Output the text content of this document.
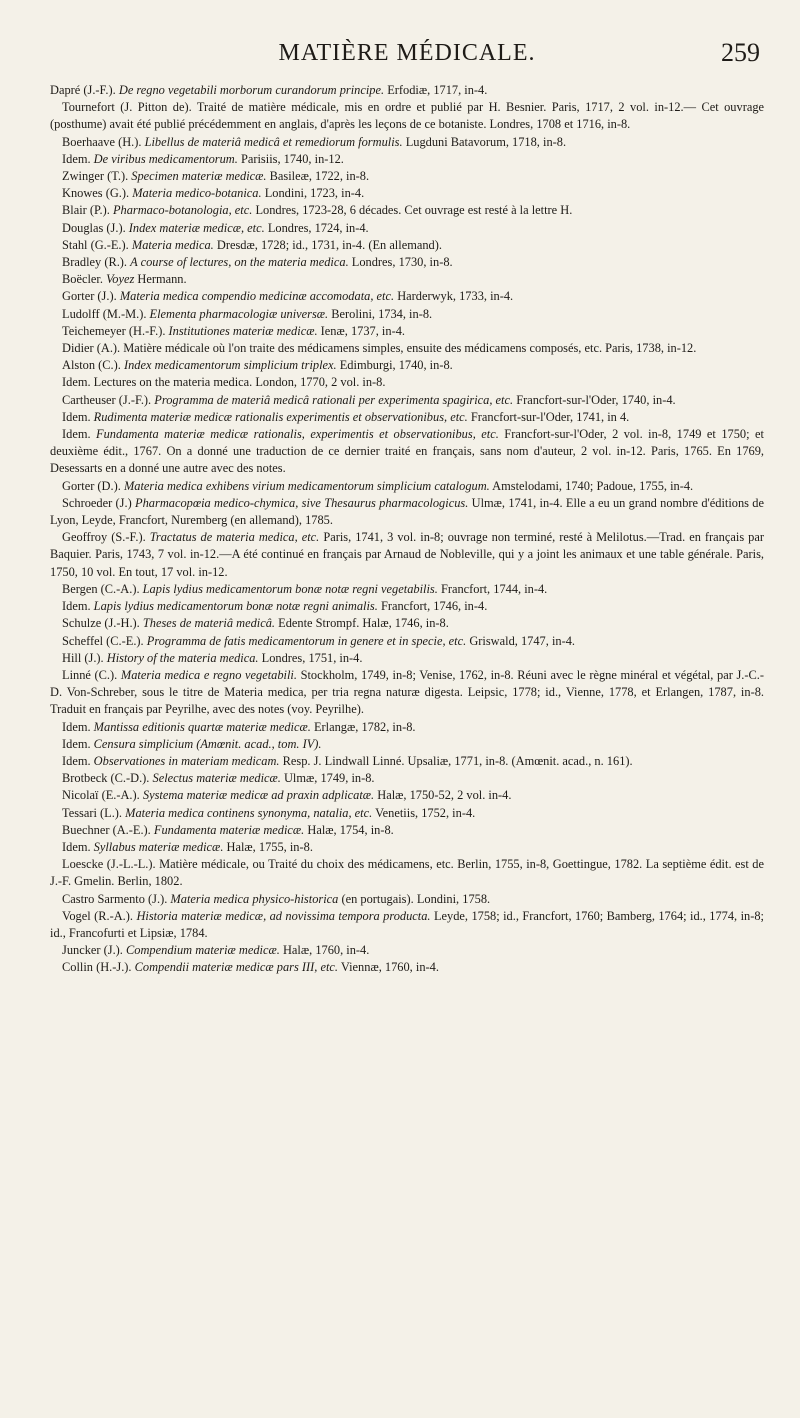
MATIÈRE MÉDICALE.	259

Dapré (J.-F.). De regno vegetabili morborum curandorum principe. Erfodiæ, 1717, in-4.

Tournefort (J. Pitton de). Traité de matière médicale, mis en ordre et publié par H. Besnier. Paris, 1717, 2 vol. in-12.— Cet ouvrage (posthume) avait été publié précédemment en anglais, d'après les leçons de ce botaniste. Londres, 1708 et 1716, in-8.

Boerhaave (H.). Libellus de materiâ medicâ et remediorum formulis. Lugduni Batavorum, 1718, in-8.

Idem. De viribus medicamentorum. Parisiis, 1740, in-12.

Zwinger (T.). Specimen materiæ medicæ. Basileæ, 1722, in-8.

Knowes (G.). Materia medico-botanica. Londini, 1723, in-4.

Blair (P.). Pharmaco-botanologia, etc. Londres, 1723-28, 6 décades. Cet ouvrage est resté à la lettre H.

Douglas (J.). Index materiæ medicæ, etc. Londres, 1724, in-4.

Stahl (G.-E.). Materia medica. Dresdæ, 1728; id., 1731, in-4. (En allemand).

Bradley (R.). A course of lectures, on the materia medica. Londres, 1730, in-8.

Boëcler. Voyez Hermann.

Gorter (J.). Materia medica compendio medicinæ accomodata, etc. Harderwyk, 1733, in-4.

Ludolff (M.-M.). Elementa pharmacologiæ universæ. Berolini, 1734, in-8.

Teichemeyer (H.-F.). Institutiones materiæ medicæ. Ienæ, 1737, in-4.

Didier (A.). Matière médicale où l'on traite des médicamens simples, ensuite des médicamens composés, etc. Paris, 1738, in-12.

Alston (C.). Index medicamentorum simplicium triplex. Edimburgi, 1740, in-8.

Idem. Lectures on the materia medica. London, 1770, 2 vol. in-8.

Cartheuser (J.-F.). Programma de materiâ medicâ rationali per experimenta spagirica, etc. Francfort-sur-l'Oder, 1740, in-4.

Idem. Rudimenta materiæ medicæ rationalis experimentis et observationibus, etc. Francfort-sur-l'Oder, 1741, in 4.

Idem. Fundamenta materiæ medicæ rationalis, experimentis et observationibus, etc. Francfort-sur-l'Oder, 2 vol. in-8, 1749 et 1750; et deuxième édit., 1767. On a donné une traduction de ce dernier traité en français, sans nom d'auteur, 2 vol. in-12. Paris, 1765. En 1769, Desessarts en a donné une autre avec des notes.

Gorter (D.). Materia medica exhibens virium medicamentorum simplicium catalogum. Amstelodami, 1740; Padoue, 1755, in-4.

Schroeder (J.) Pharmacopœia medico-chymica, sive Thesaurus pharmacologicus. Ulmæ, 1741, in-4. Elle a eu un grand nombre d'éditions de Lyon, Leyde, Francfort, Nuremberg (en allemand), 1785.

Geoffroy (S.-F.). Tractatus de materia medica, etc. Paris, 1741, 3 vol. in-8; ouvrage non terminé, resté à Melilotus.—Trad. en français par Baquier. Paris, 1743, 7 vol. in-12.—A été continué en français par Arnaud de Nobleville, qui y a joint les animaux et une table générale. Paris, 1750, 10 vol. En tout, 17 vol. in-12.

Bergen (C.-A.). Lapis lydius medicamentorum bonæ notæ regni vegetabilis. Francfort, 1744, in-4.

Idem. Lapis lydius medicamentorum bonæ notæ regni animalis. Francfort, 1746, in-4.

Schulze (J.-H.). Theses de materiâ medicâ. Edente Strompf. Halæ, 1746, in-8.

Scheffel (C.-E.). Programma de fatis medicamentorum in genere et in specie, etc. Griswald, 1747, in-4.

Hill (J.). History of the materia medica. Londres, 1751, in-4.

Linné (C.). Materia medica e regno vegetabili. Stockholm, 1749, in-8; Venise, 1762, in-8. Réuni avec le règne minéral et végétal, par J.-C.-D. Von-Schreber, sous le titre de Materia medica, per tria regna naturæ digesta. Leipsic, 1778; id., Vienne, 1778, et Erlangen, 1787, in-8. Traduit en français par Peyrilhe, avec des notes (voy. Peyrilhe).

Idem. Mantissa editionis quartæ materiæ medicæ. Erlangæ, 1782, in-8.

Idem. Censura simplicium (Amœnit. acad., tom. IV).

Idem. Observationes in materiam medicam. Resp. J. Lindwall Linné. Upsaliæ, 1771, in-8. (Amœnit. acad., n. 161).

Brotbeck (C.-D.). Selectus materiæ medicæ. Ulmæ, 1749, in-8.

Nicolaï (E.-A.). Systema materiæ medicæ ad praxin adplicatæ. Halæ, 1750-52, 2 vol. in-4.

Tessari (L.). Materia medica continens synonyma, natalia, etc. Venetiis, 1752, in-4.

Buechner (A.-E.). Fundamenta materiæ medicæ. Halæ, 1754, in-8.

Idem. Syllabus materiæ medicæ. Halæ, 1755, in-8.

Loescke (J.-L.-L.). Matière médicale, ou Traité du choix des médicamens, etc. Berlin, 1755, in-8, Goettingue, 1782. La septième édit. est de J.-F. Gmelin. Berlin, 1802.

Castro Sarmento (J.). Materia medica physico-historica (en portugais). Londini, 1758.

Vogel (R.-A.). Historia materiæ medicæ, ad novissima tempora producta. Leyde, 1758; id., Francfort, 1760; Bamberg, 1764; id., 1774, in-8; id., Francofurti et Lipsiæ, 1784.

Juncker (J.). Compendium materiæ medicæ. Halæ, 1760, in-4.

Collin (H.-J.). Compendii materiæ medicæ pars III, etc. Viennæ, 1760, in-4.
